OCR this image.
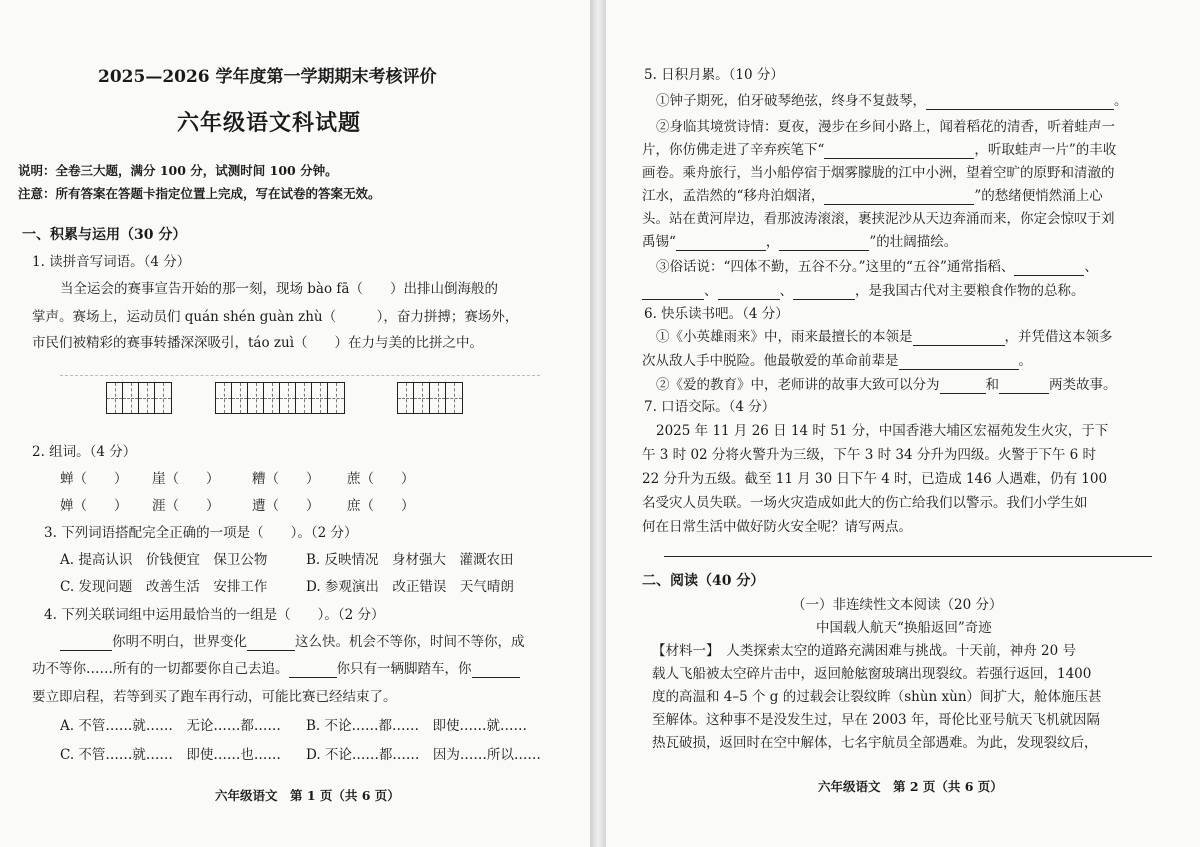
2025—2026 学年度第一学期期末考核评价
六年级语文科试题
说明：全卷三大题，满分 100 分，试测时间 100 分钟。
注意：所有答案在答题卡指定位置上完成，写在试卷的答案无效。
一、积累与运用（30 分）
1. 读拼音写词语。（4 分）
当全运会的赛事宣告开始的那一刻，现场 bào fā（　　）出排山倒海般的
掌声。赛场上，运动员们 quán shén guàn zhù（　　　），奋力拼搏；赛场外，
市民们被精彩的赛事转播深深吸引，táo zuì（　　）在力与美的比拼之中。
2. 组词。（4 分）
蝉（　　） 崖（　　） 糟（　　） 蔗（　　）
婵（　　） 涯（　　） 遭（　　） 庶（　　）
3. 下列词语搭配完全正确的一项是（　　）。（2 分）
A. 提高认识　价钱便宜　保卫公物	B. 反映情况　身材强大　灌溉农田
C. 发现问题　改善生活　安排工作	D. 参观演出　改正错误　天气晴朗
4. 下列关联词组中运用最恰当的一组是（　　）。（2 分）
你明不明白，世界变化	这么快。机会不等你，时间不等你，成
功不等你……所有的一切都要你自己去追。	你只有一辆脚踏车，你
要立即启程，若等到买了跑车再行动，可能比赛已经结束了。
A. 不管……就……　无论……都…… B. 不论……都……　即使……就……
C. 不管……就……　即使……也…… D. 不论……都……　因为……所以……
六年级语文　第 1 页（共 6 页）
5. 日积月累。（10 分）
①钟子期死，伯牙破琴绝弦，终身不复鼓琴，	。
②身临其境赏诗情：夏夜，漫步在乡间小路上，闻着稻花的清香，听着蛙声一
片，你仿佛走进了辛弃疾笔下“	，听取蛙声一片”的丰收
画卷。乘舟旅行，当小船停宿于烟雾朦胧的江中小洲，望着空旷的原野和清澈的
江水，孟浩然的“移舟泊烟渚，	”的愁绪便悄然涌上心
头。站在黄河岸边，看那波涛滚滚，裹挟泥沙从天边奔涌而来，你定会惊叹于刘
禹锡“	，	”的壮阔描绘。
③俗话说：“四体不勤，五谷不分。”这里的“五谷”通常指稻、	、
、	、	，是我国古代对主要粮食作物的总称。
6. 快乐读书吧。（4 分）
①《小英雄雨来》中，雨来最擅长的本领是	，并凭借这本领多
次从敌人手中脱险。他最敬爱的革命前辈是	。
②《爱的教育》中，老师讲的故事大致可以分为	和	两类故事。
7. 口语交际。（4 分）
2025 年 11 月 26 日 14 时 51 分，中国香港大埔区宏福苑发生火灾，于下
午 3 时 02 分将火警升为三级，下午 3 时 34 分升为四级。火警于下午 6 时
22 分升为五级。截至 11 月 30 日下午 4 时，已造成 146 人遇难，仍有 100
名受灾人员失联。一场火灾造成如此大的伤亡给我们以警示。我们小学生如
何在日常生活中做好防火安全呢？请写两点。
二、阅读（40 分）
（一）非连续性文本阅读（20 分）
中国载人航天“换船返回”奇迹
【材料一】　人类探索太空的道路充满困难与挑战。十天前，神舟 20 号
载人飞船被太空碎片击中，返回舱舷窗玻璃出现裂纹。若强行返回，1400
度的高温和 4–5 个 g 的过载会让裂纹眸（shùn xùn）间扩大，舱体施压甚
至解体。这种事不是没发生过，早在 2003 年，哥伦比亚号航天飞机就因隔
热瓦破损，返回时在空中解体，七名宇航员全部遇难。为此，发现裂纹后，
六年级语文　第 2 页（共 6 页）
